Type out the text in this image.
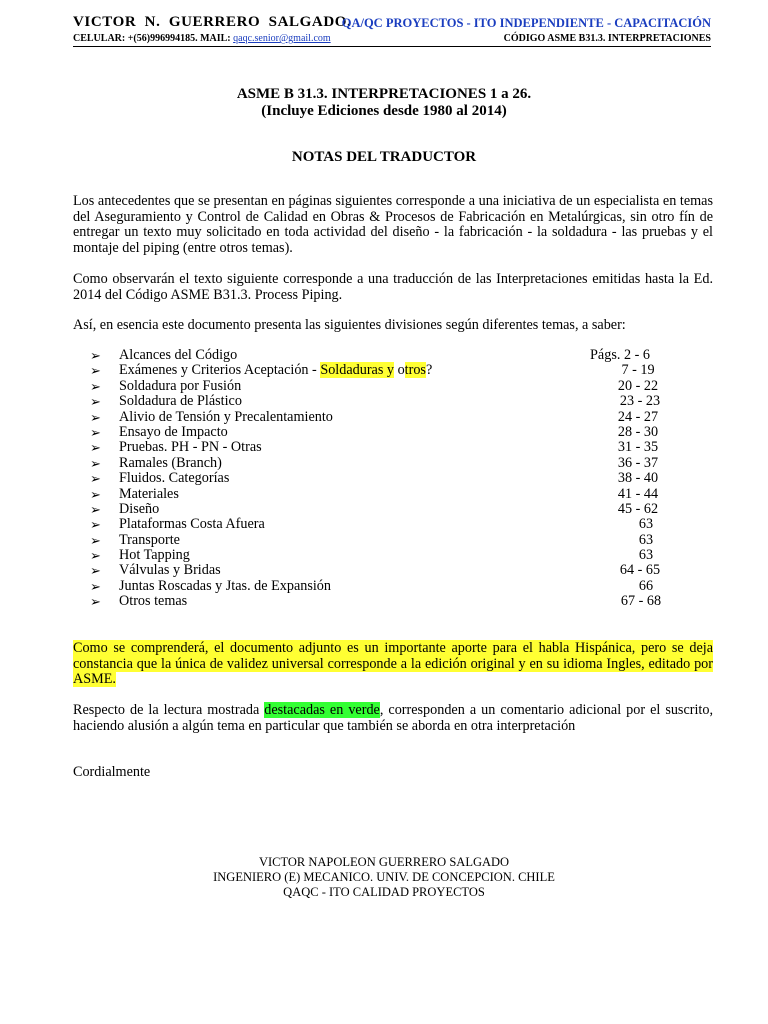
VICTOR N. GUERRERO SALGADO.
QA/QC PROYECTOS - ITO INDEPENDIENTE - CAPACITACIÓN
CELULAR: +(56)996994185. MAIL: qaqc.senior@gmail.com	CÓDIGO ASME B31.3. INTERPRETACIONES
ASME B 31.3. INTERPRETACIONES 1 a 26.
(Incluye Ediciones desde 1980 al 2014)
NOTAS DEL TRADUCTOR
Los antecedentes que se presentan en páginas siguientes corresponde a una iniciativa de un especialista en temas del Aseguramiento y Control de Calidad en Obras & Procesos de Fabricación en Metalúrgicas, sin otro fín de entregar un texto muy solicitado en toda actividad del diseño - la fabricación - la soldadura - las pruebas y el montaje del piping (entre otros temas).
Como observarán el texto siguiente corresponde a una traducción de las Interpretaciones emitidas hasta la Ed. 2014 del Código ASME B31.3. Process Piping.
Así, en esencia este documento presenta las siguientes divisiones según diferentes temas, a saber:
➢ Alcances del Código	Págs. 2 - 6
➢ Exámenes y Criterios Aceptación - Soldaduras y otros?	7 - 19
➢ Soldadura por Fusión	20 - 22
➢ Soldadura de Plástico	23 - 23
➢ Alivio de Tensión y Precalentamiento	24 - 27
➢ Ensayo de Impacto	28 - 30
➢ Pruebas. PH - PN - Otras	31 - 35
➢ Ramales (Branch)	36 - 37
➢ Fluidos. Categorías	38 - 40
➢ Materiales	41 - 44
➢ Diseño	45 - 62
➢ Plataformas Costa Afuera	63
➢ Transporte	63
➢ Hot Tapping	63
➢ Válvulas y Bridas	64 - 65
➢ Juntas Roscadas y Jtas. de Expansión	66
➢ Otros temas	67 - 68
Como se comprenderá, el documento adjunto es un importante aporte para el habla Hispánica, pero se deja constancia que la única de validez universal corresponde a la edición original y en su idioma Ingles, editado por ASME.
Respecto de la lectura mostrada destacadas en verde, corresponden a un comentario adicional por el suscrito, haciendo alusión a algún tema en particular que también se aborda en otra interpretación
Cordialmente
VICTOR NAPOLEON GUERRERO SALGADO
INGENIERO (E) MECANICO. UNIV. DE CONCEPCION. CHILE
QAQC - ITO CALIDAD PROYECTOS
